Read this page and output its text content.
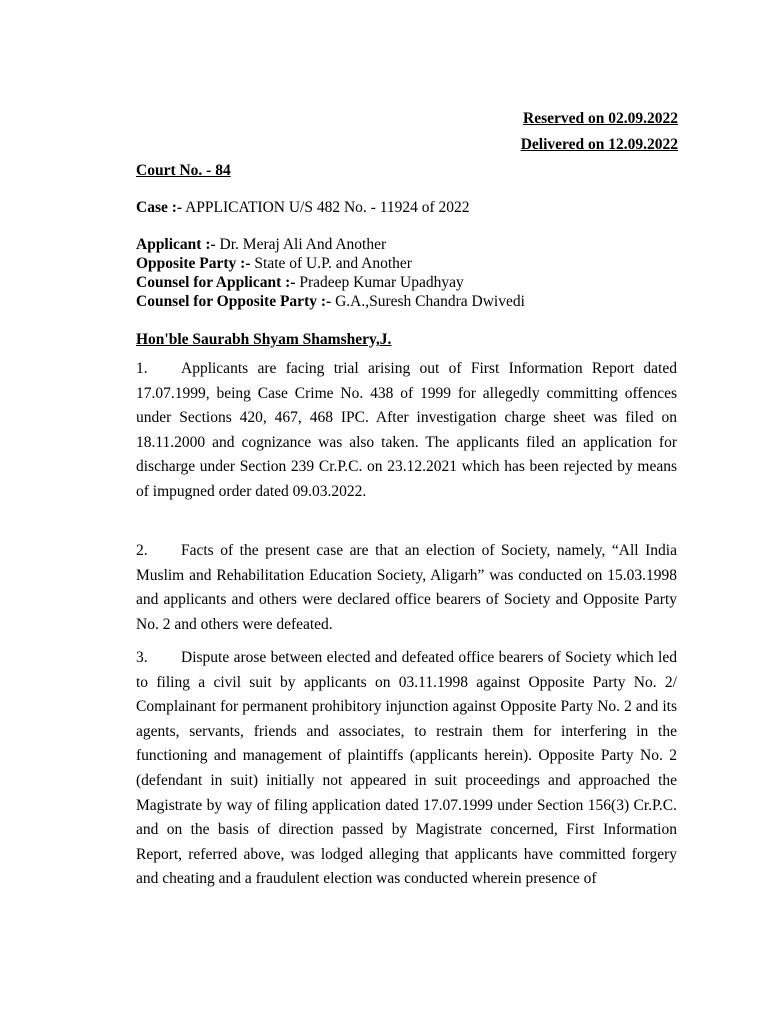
Reserved on 02.09.2022
Delivered on 12.09.2022
Court No. - 84
Case :- APPLICATION U/S 482 No. - 11924 of 2022
Applicant :- Dr. Meraj Ali And Another
Opposite Party :- State of U.P. and Another
Counsel for Applicant :- Pradeep Kumar Upadhyay
Counsel for Opposite Party :- G.A.,Suresh Chandra Dwivedi
Hon'ble Saurabh Shyam Shamshery,J.

1. Applicants are facing trial arising out of First Information Report dated 17.07.1999, being Case Crime No. 438 of 1999 for allegedly committing offences under Sections 420, 467, 468 IPC. After investigation charge sheet was filed on 18.11.2000 and cognizance was also taken. The applicants filed an application for discharge under Section 239 Cr.P.C. on 23.12.2021 which has been rejected by means of impugned order dated 09.03.2022.

2. Facts of the present case are that an election of Society, namely, “All India Muslim and Rehabilitation Education Society, Aligarh” was conducted on 15.03.1998 and applicants and others were declared office bearers of Society and Opposite Party No. 2 and others were defeated.

3. Dispute arose between elected and defeated office bearers of Society which led to filing a civil suit by applicants on 03.11.1998 against Opposite Party No. 2/ Complainant for permanent prohibitory injunction against Opposite Party No. 2 and its agents, servants, friends and associates, to restrain them for interfering in the functioning and management of plaintiffs (applicants herein). Opposite Party No. 2 (defendant in suit) initially not appeared in suit proceedings and approached the Magistrate by way of filing application dated 17.07.1999 under Section 156(3) Cr.P.C. and on the basis of direction passed by Magistrate concerned, First Information Report, referred above, was lodged alleging that applicants have committed forgery and cheating and a fraudulent election was conducted wherein presence of
